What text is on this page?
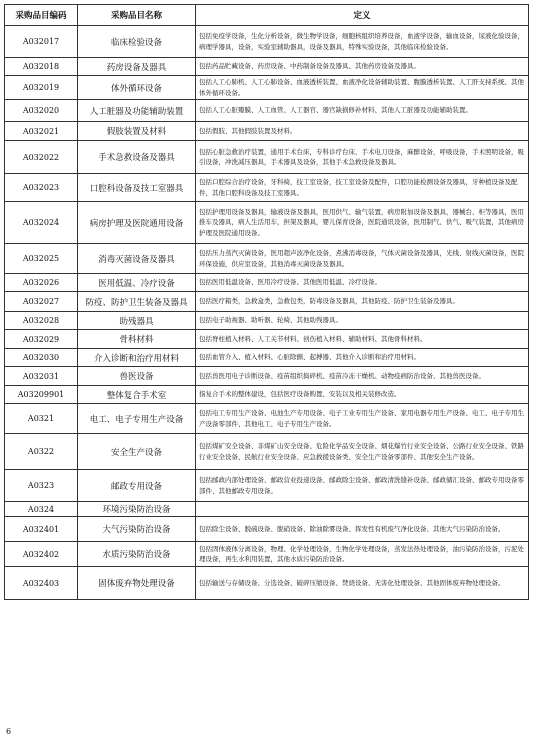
采购品目编码	采购品目名称	定义
A032017	临床检验设备	包括免疫学设备，生化分析设备，微生物学设备，细胞核组织培养设备，血液学设备，输血设备，尿液化验设备，病理学器具，设备，实验室辅助器具，设备及器具，特殊实验设备，其他临床检验设备。
A032018	药房设备及器具	包括药品贮藏设备、药房设备、中药制备设备及器具、其他药房设备及器具。
A032019	体外循环设备	包括人工心肺机、人工心肺设备、血液透析装置、血液净化设备辅助装置、腹膜透析装置、人工肝支持系统、其他体外循环设备。
A032020	人工脏器及功能辅助装置	包括人工心脏瓣膜、人工血管、人工器官、器官缺损修补材料、其他人工脏器及功能辅助装置。
A032021	假肢装置及材料	包括假肢、其他假肢装置及材料。
A032022	手术急救设备及器具	包括心脏急救治疗装置，通用手术台床，专科诊疗台床，手术电刀设备，麻醉设备，呼吸设备，手术照明设备，吸引设备，冲洗减压器具，手术器具及设备，其他手术急救设备及器具。
A032023	口腔科设备及技工室器具	包括口腔综合治疗设备，牙科椅，技工室设备，技工室设备及配件，口腔功能检测设备及器具，牙种植设备及配件，其他口腔科设备及技工室器具。
A032024	病房护理及医院通用设备	包括护理用设备及器具，输液设备及器具，医用供气、输气装置，病房附加设备及器具，器械台、柜等器具，医用推车及器具，病人生活用车，担架及器具，婴儿保育设备，医院通讯设备，医用制气、供气、吸气装置，其他病房护理及医院通用设备。
A032025	消毒灭菌设备及器具	包括压力蒸汽灭菌设备，医用超声波净化设备，煮沸消毒设备，气体灭菌设备及器具，光线、射线灭菌设备，医院环保设施，供应室设备，其他消毒灭菌设备及器具。
A032026	医用低温、冷疗设备	包括医用低温设备、医用冷疗设备、其他医用低温、冷疗设备。
A032027	防疫、防护卫生装备及器具	包括医疗箱类，急救盒类，急救包类，防毒设备及器具，其他防疫、防护卫生装备及器具。
A032028	助残器具	包括电子助视器、助听器、轮椅、其他助残器具。
A032029	骨科材料	包括脊柱植入材料、人工关节材料、创伤植入材料、辅助材料、其他骨科材料。
A032030	介入诊断和治疗用材料	包括血管介入、植入材料、心脏除颤、起搏器、其他介入诊断和治疗用材料。
A032031	兽医设备	包括兽医用电子诊断设备、疫苗组织捣碎机、疫苗冷冻干燥机、动物疫病防治设备、其他兽医设备。
A03209901	整体复合手术室	指复合手术的整体建设，包括医疗设备购置、安装以及相关装修改造。
A0321	电工、电子专用生产设备	包括电工专用生产设备、电池生产专用设备、电子工业专用生产设备、家用电器专用生产设备、电工、电子专用生产设备零部件、其他电工、电子专用生产设备。
A0322	安全生产设备	包括煤矿安全设备、非煤矿山安全设备、危险化学品安全设备、烟花爆竹行业安全设备、公路行业安全设备、铁路行业安全设备、民航行业安全设备、应急救援设备类、安全生产设备零部件、其他安全生产设备。
A0323	邮政专用设备	包括邮政内部处理设备、邮政营业投递设备、邮政除尘设备、邮政清洗缝补设备、邮政储汇设备、邮政专用设备零部件、其他邮政专用设备。
A0324	环境污染防治设备	
A032401	大气污染防治设备	包括除尘设备、脱硫设备、脱硝设备、除油除雾设备、挥发性有机废气净化设备、其他大气污染防治设备。
A032402	水质污染防治设备	包括固体液体分离设备，物理、化学处理设备，生物化学处理设备，蒸发法热处理设备，油污染防治设备，污泥处理设备，再生水利用装置，其他水质污染防治设备。
A032403	固体废弃物处理设备	包括输送与存储设备、分选设备、破碎压缩设备、焚烧设备、无害化处理设备、其他固体废弃物处理设备。
6
